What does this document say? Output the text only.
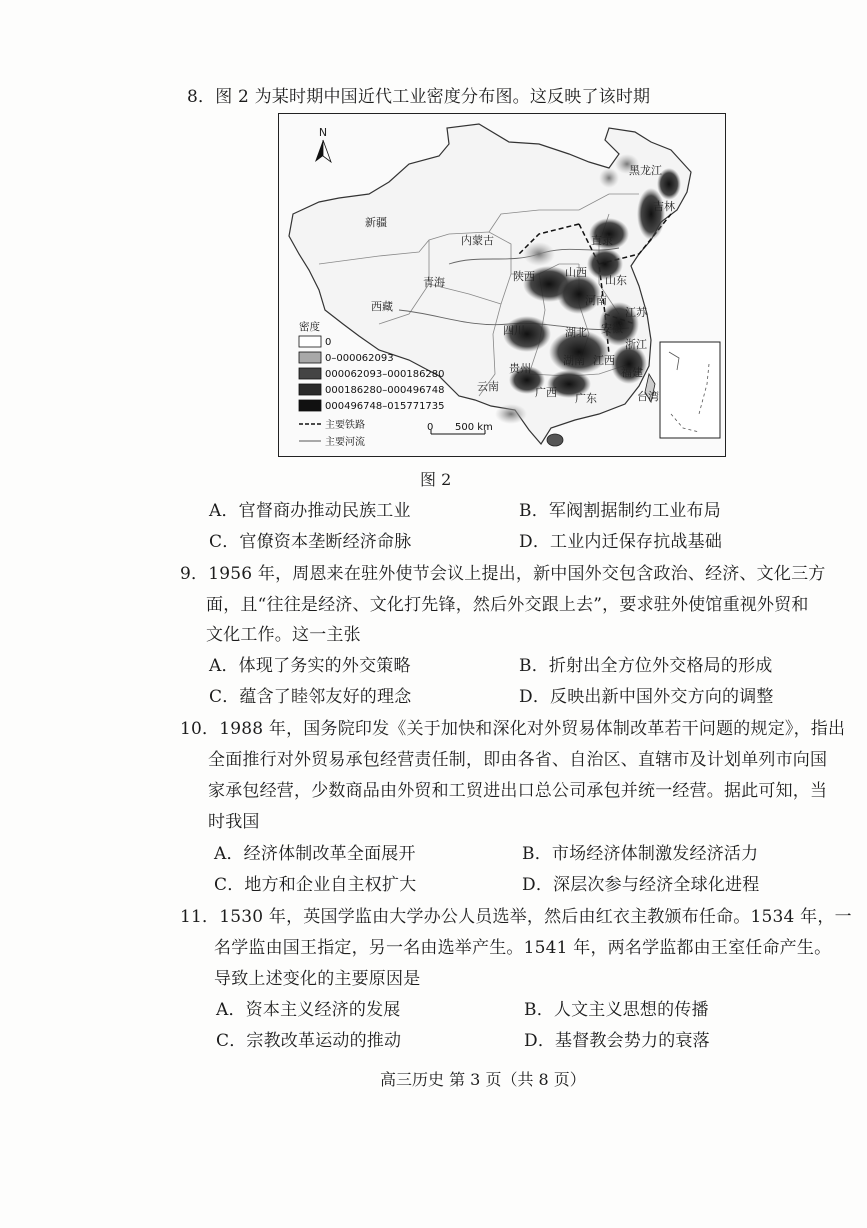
8．图 2 为某时期中国近代工业密度分布图。这反映了该时期
N
黑龙江
吉林
新疆
内蒙古	直隶
青海	陕西	山西
山东
西藏	河南
四川	湖北 安徽
江苏
浙江
湖南 江西
贵州	福建
云南	广西 广东	台湾
密度
0
0–000062093
000062093–000186280
000186280–000496748
000496748–015771735
主要铁路
主要河流
0 500 km
图 2
A．官督商办推动民族工业	B．军阀割据制约工业布局
C．官僚资本垄断经济命脉	D．工业内迁保存抗战基础
9．1956 年，周恩来在驻外使节会议上提出，新中国外交包含政治、经济、文化三方
面，且“往往是经济、文化打先锋，然后外交跟上去”，要求驻外使馆重视外贸和
文化工作。这一主张
A．体现了务实的外交策略	B．折射出全方位外交格局的形成
C．蕴含了睦邻友好的理念	D．反映出新中国外交方向的调整
10．1988 年，国务院印发《关于加快和深化对外贸易体制改革若干问题的规定》，指出
全面推行对外贸易承包经营责任制，即由各省、自治区、直辖市及计划单列市向国
家承包经营，少数商品由外贸和工贸进出口总公司承包并统一经营。据此可知，当
时我国
A．经济体制改革全面展开	B．市场经济体制激发经济活力
C．地方和企业自主权扩大	D．深层次参与经济全球化进程
11．1530 年，英国学监由大学办公人员选举，然后由红衣主教颁布任命。1534 年，一
名学监由国王指定，另一名由选举产生。1541 年，两名学监都由王室任命产生。
导致上述变化的主要原因是
A．资本主义经济的发展	B．人文主义思想的传播
C．宗教改革运动的推动	D．基督教会势力的衰落
高三历史 第 3 页（共 8 页）
